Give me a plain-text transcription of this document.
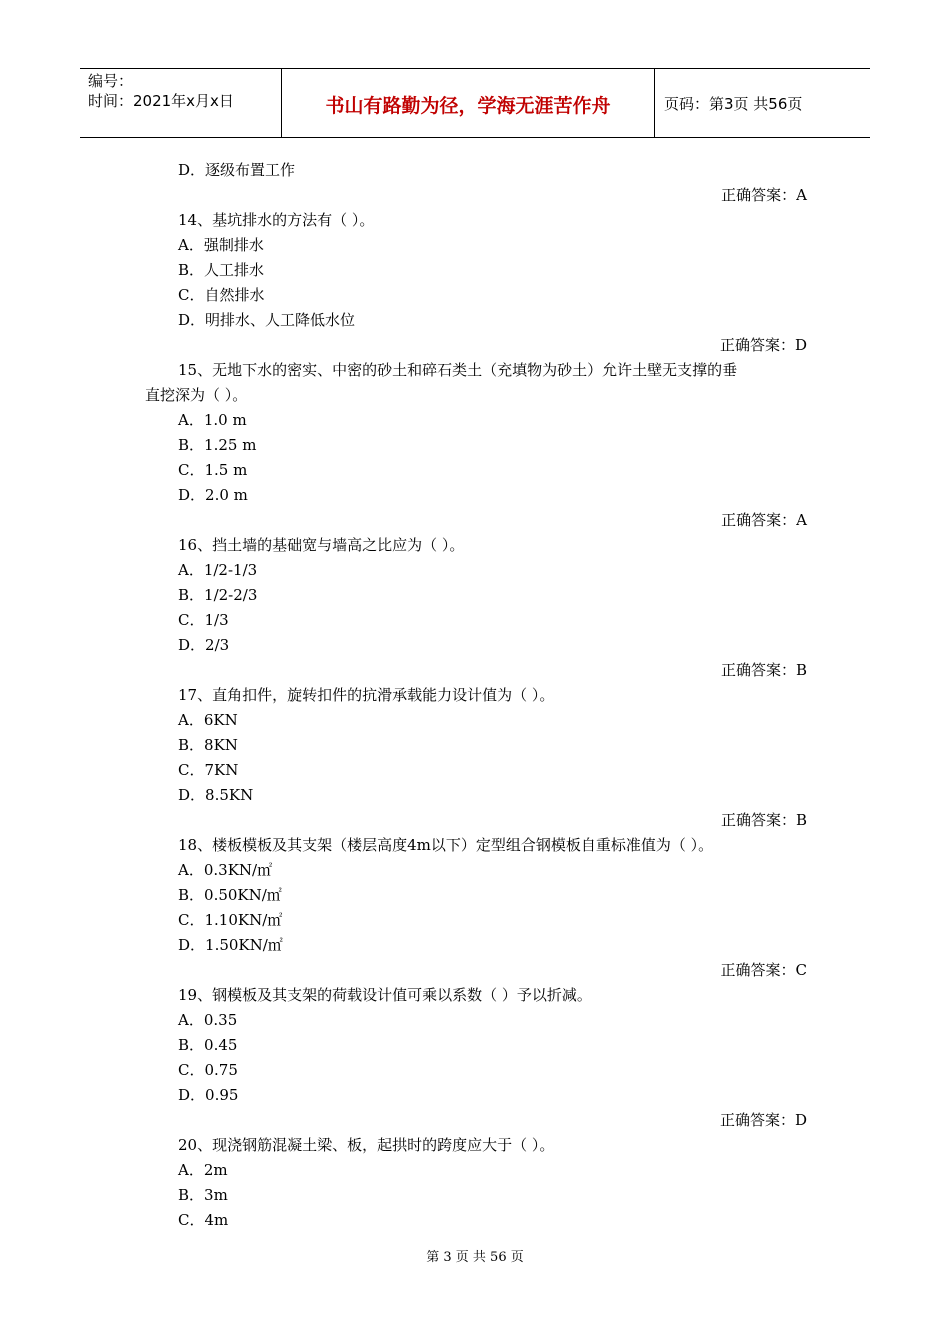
编号：
时间：2021年x月x日	书山有路勤为径，学海无涯苦作舟	页码：第3页 共56页
D．逐级布置工作
正确答案：A
14、基坑排水的方法有（ ）。
A．强制排水
B．人工排水
C．自然排水
D．明排水、人工降低水位
正确答案：D
15、无地下水的密实、中密的砂土和碎石类土（充填物为砂土）允许土壁无支撑的垂
直挖深为（ ）。
A．1.0 m
B．1.25 m
C．1.5 m
D．2.0 m
正确答案：A
16、挡土墙的基础宽与墙高之比应为（ ）。
A．1/2-1/3
B．1/2-2/3
C．1/3
D．2/3
正确答案：B
17、直角扣件，旋转扣件的抗滑承载能力设计值为（ ）。
A．6KN
B．8KN
C．7KN
D．8.5KN
正确答案：B
18、楼板模板及其支架（楼层高度4m以下）定型组合钢模板自重标准值为（ ）。
A．0.3KN/㎡
B．0.50KN/㎡
C．1.10KN/㎡
D．1.50KN/㎡
正确答案：C
19、钢模板及其支架的荷载设计值可乘以系数（ ）予以折减。
A．0.35
B．0.45
C．0.75
D．0.95
正确答案：D
20、现浇钢筋混凝土梁、板，起拱时的跨度应大于（ ）。
A．2m
B．3m
C．4m
第 3 页 共 56 页
